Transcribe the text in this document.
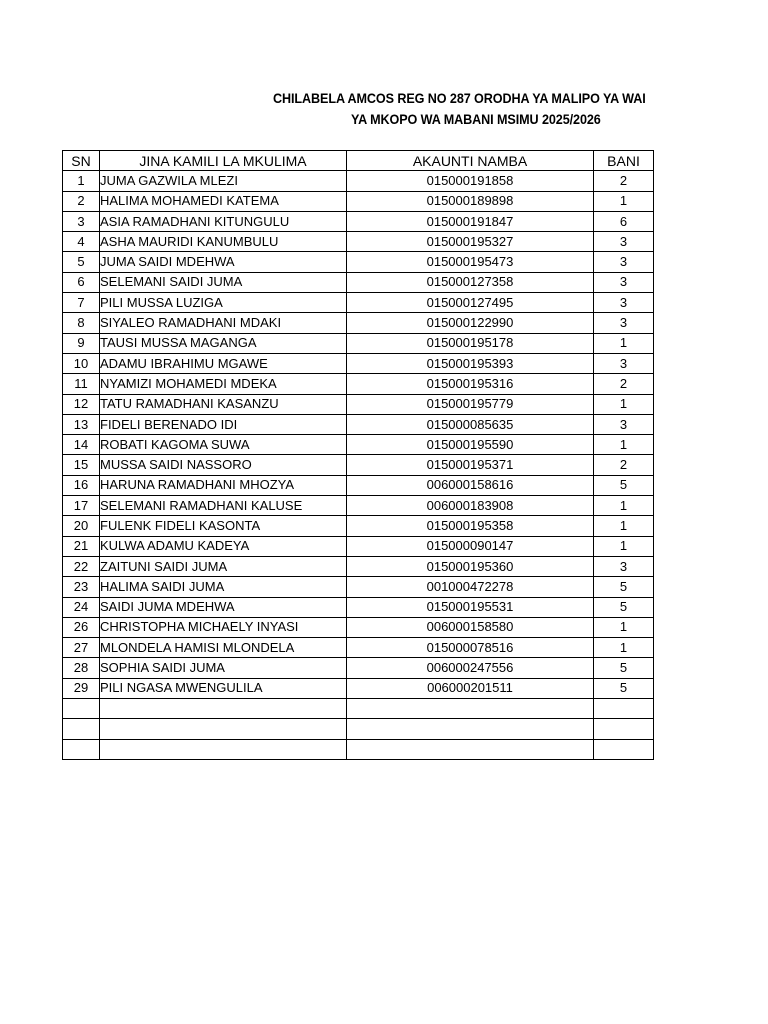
CHILABELA AMCOS REG NO 287 ORODHA YA MALIPO YA WAI
YA MKOPO WA MABANI MSIMU 2025/2026
SN	JINA KAMILI LA MKULIMA	AKAUNTI NAMBA	BANI
1	JUMA GAZWILA MLEZI	015000191858	2
2	HALIMA MOHAMEDI KATEMA	015000189898	1
3	ASIA RAMADHANI KITUNGULU	015000191847	6
4	ASHA MAURIDI KANUMBULU	015000195327	3
5	JUMA SAIDI MDEHWA	015000195473	3
6	SELEMANI SAIDI JUMA	015000127358	3
7	PILI MUSSA LUZIGA	015000127495	3
8	SIYALEO RAMADHANI MDAKI	015000122990	3
9	TAUSI MUSSA MAGANGA	015000195178	1
10	ADAMU IBRAHIMU MGAWE	015000195393	3
11	NYAMIZI MOHAMEDI MDEKA	015000195316	2
12	TATU RAMADHANI KASANZU	015000195779	1
13	FIDELI BERENADO IDI	015000085635	3
14	ROBATI KAGOMA SUWA	015000195590	1
15	MUSSA SAIDI NASSORO	015000195371	2
16	HARUNA RAMADHANI MHOZYA	006000158616	5
17	SELEMANI RAMADHANI KALUSE	006000183908	1
20	FULENK FIDELI KASONTA	015000195358	1
21	KULWA ADAMU KADEYA	015000090147	1
22	ZAITUNI SAIDI JUMA	015000195360	3
23	HALIMA SAIDI JUMA	001000472278	5
24	SAIDI JUMA MDEHWA	015000195531	5
26	CHRISTOPHA MICHAELY INYASI	006000158580	1
27	MLONDELA HAMISI MLONDELA	015000078516	1
28	SOPHIA SAIDI JUMA	006000247556	5
29	PILI NGASA MWENGULILA	006000201511	5
